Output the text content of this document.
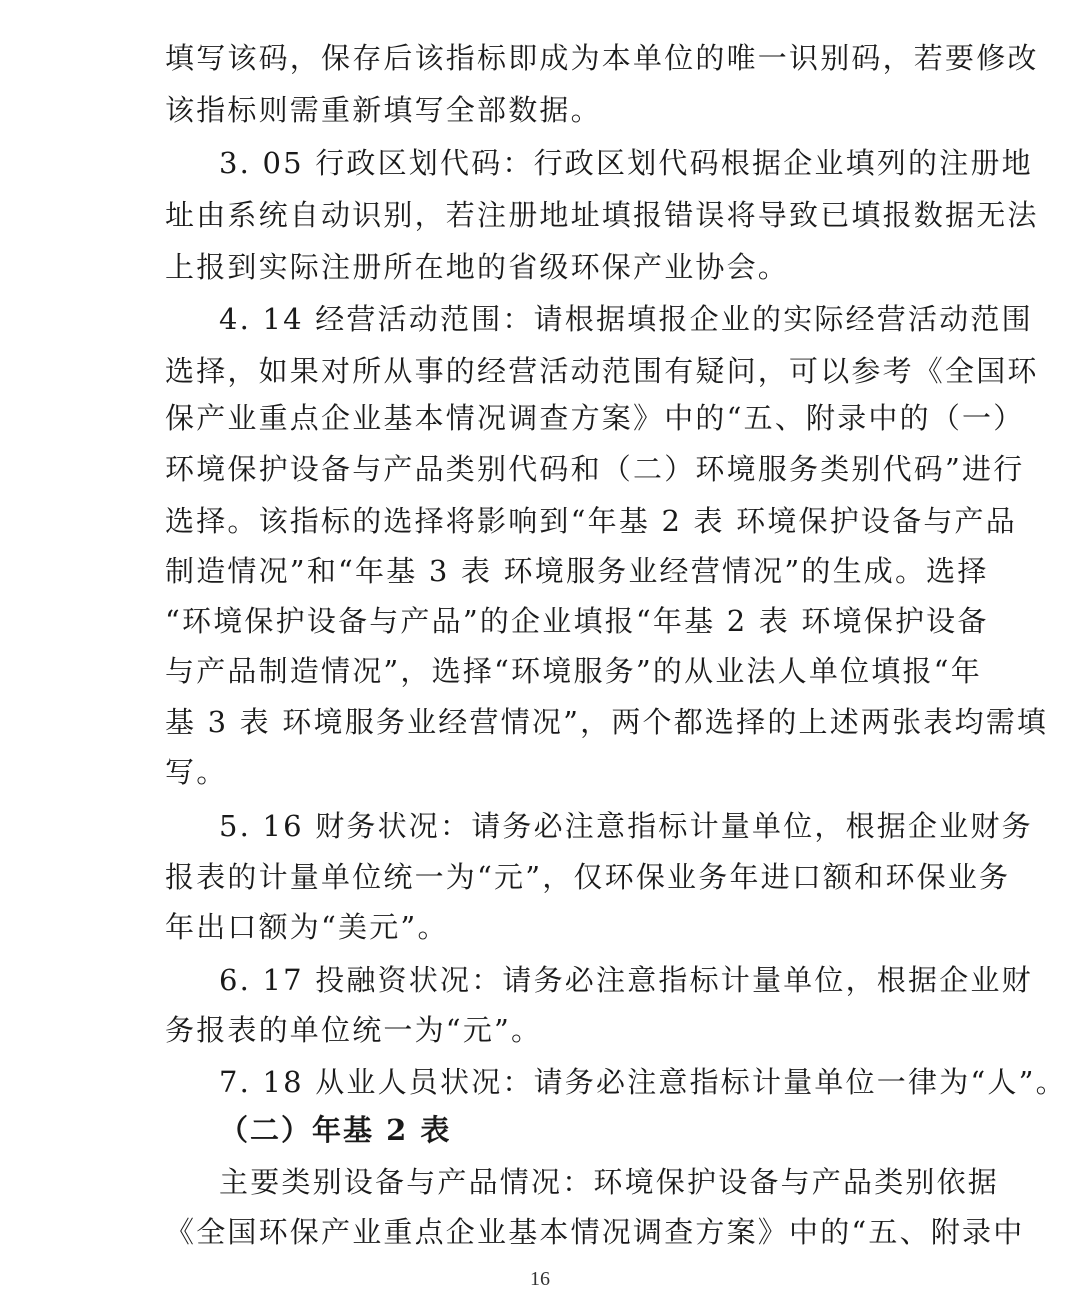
填写该码，保存后该指标即成为本单位的唯一识别码，若要修改
该指标则需重新填写全部数据。
3. 05 行政区划代码：行政区划代码根据企业填列的注册地
址由系统自动识别，若注册地址填报错误将导致已填报数据无法
上报到实际注册所在地的省级环保产业协会。
4. 14 经营活动范围：请根据填报企业的实际经营活动范围
选择，如果对所从事的经营活动范围有疑问，可以参考《全国环
保产业重点企业基本情况调查方案》中的“五、附录中的（一）
环境保护设备与产品类别代码和（二）环境服务类别代码”进行
选择。该指标的选择将影响到“年基 2 表 环境保护设备与产品
制造情况”和“年基 3 表 环境服务业经营情况”的生成。选择
“环境保护设备与产品”的企业填报“年基 2 表 环境保护设备
与产品制造情况”，选择“环境服务”的从业法人单位填报“年
基 3 表 环境服务业经营情况”，两个都选择的上述两张表均需填
写。
5. 16 财务状况：请务必注意指标计量单位，根据企业财务
报表的计量单位统一为“元”，仅环保业务年进口额和环保业务
年出口额为“美元”。
6. 17 投融资状况：请务必注意指标计量单位，根据企业财
务报表的单位统一为“元”。
7. 18 从业人员状况：请务必注意指标计量单位一律为“人”。
（二）年基 2 表
主要类别设备与产品情况：环境保护设备与产品类别依据
《全国环保产业重点企业基本情况调查方案》中的“五、附录中
16
